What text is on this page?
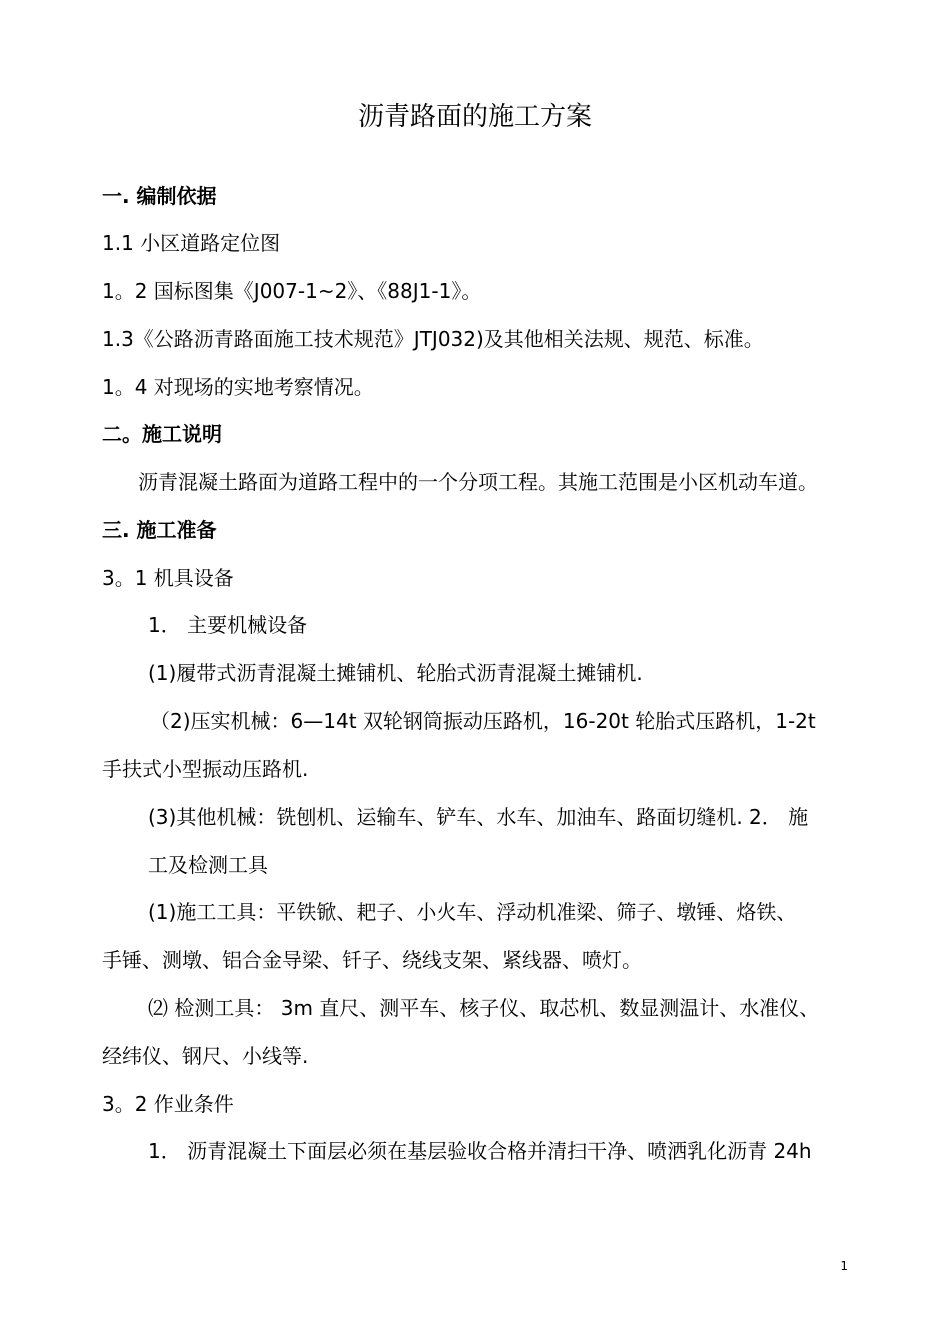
沥青路面的施工方案
一. 编制依据
1.1 小区道路定位图
1。2 国标图集《J007-1~2》、《88J1-1》。
1.3《公路沥青路面施工技术规范》JTJ032)及其他相关法规、规范、标准。
1。4 对现场的实地考察情况。
二。施工说明
沥青混凝土路面为道路工程中的一个分项工程。其施工范围是小区机动车道。
三. 施工准备
3。1 机具设备
1． 主要机械设备
(1)履带式沥青混凝土摊铺机、轮胎式沥青混凝土摊铺机.
（2)压实机械：6—14t 双轮钢筒振动压路机，16-20t 轮胎式压路机，1-2t
手扶式小型振动压路机.
(3)其他机械：铣刨机、运输车、铲车、水车、加油车、路面切缝机. 2． 施
工及检测工具
(1)施工工具：平铁锨、耙子、小火车、浮动机准梁、筛子、墩锤、烙铁、
手锤、测墩、铝合金导梁、钎子、绕线支架、紧线器、喷灯。
⑵ 检测工具： 3m 直尺、测平车、核子仪、取芯机、数显测温计、水准仪、
经纬仪、钢尺、小线等.
3。2 作业条件
1． 沥青混凝土下面层必须在基层验收合格并清扫干净、喷洒乳化沥青 24h
1
